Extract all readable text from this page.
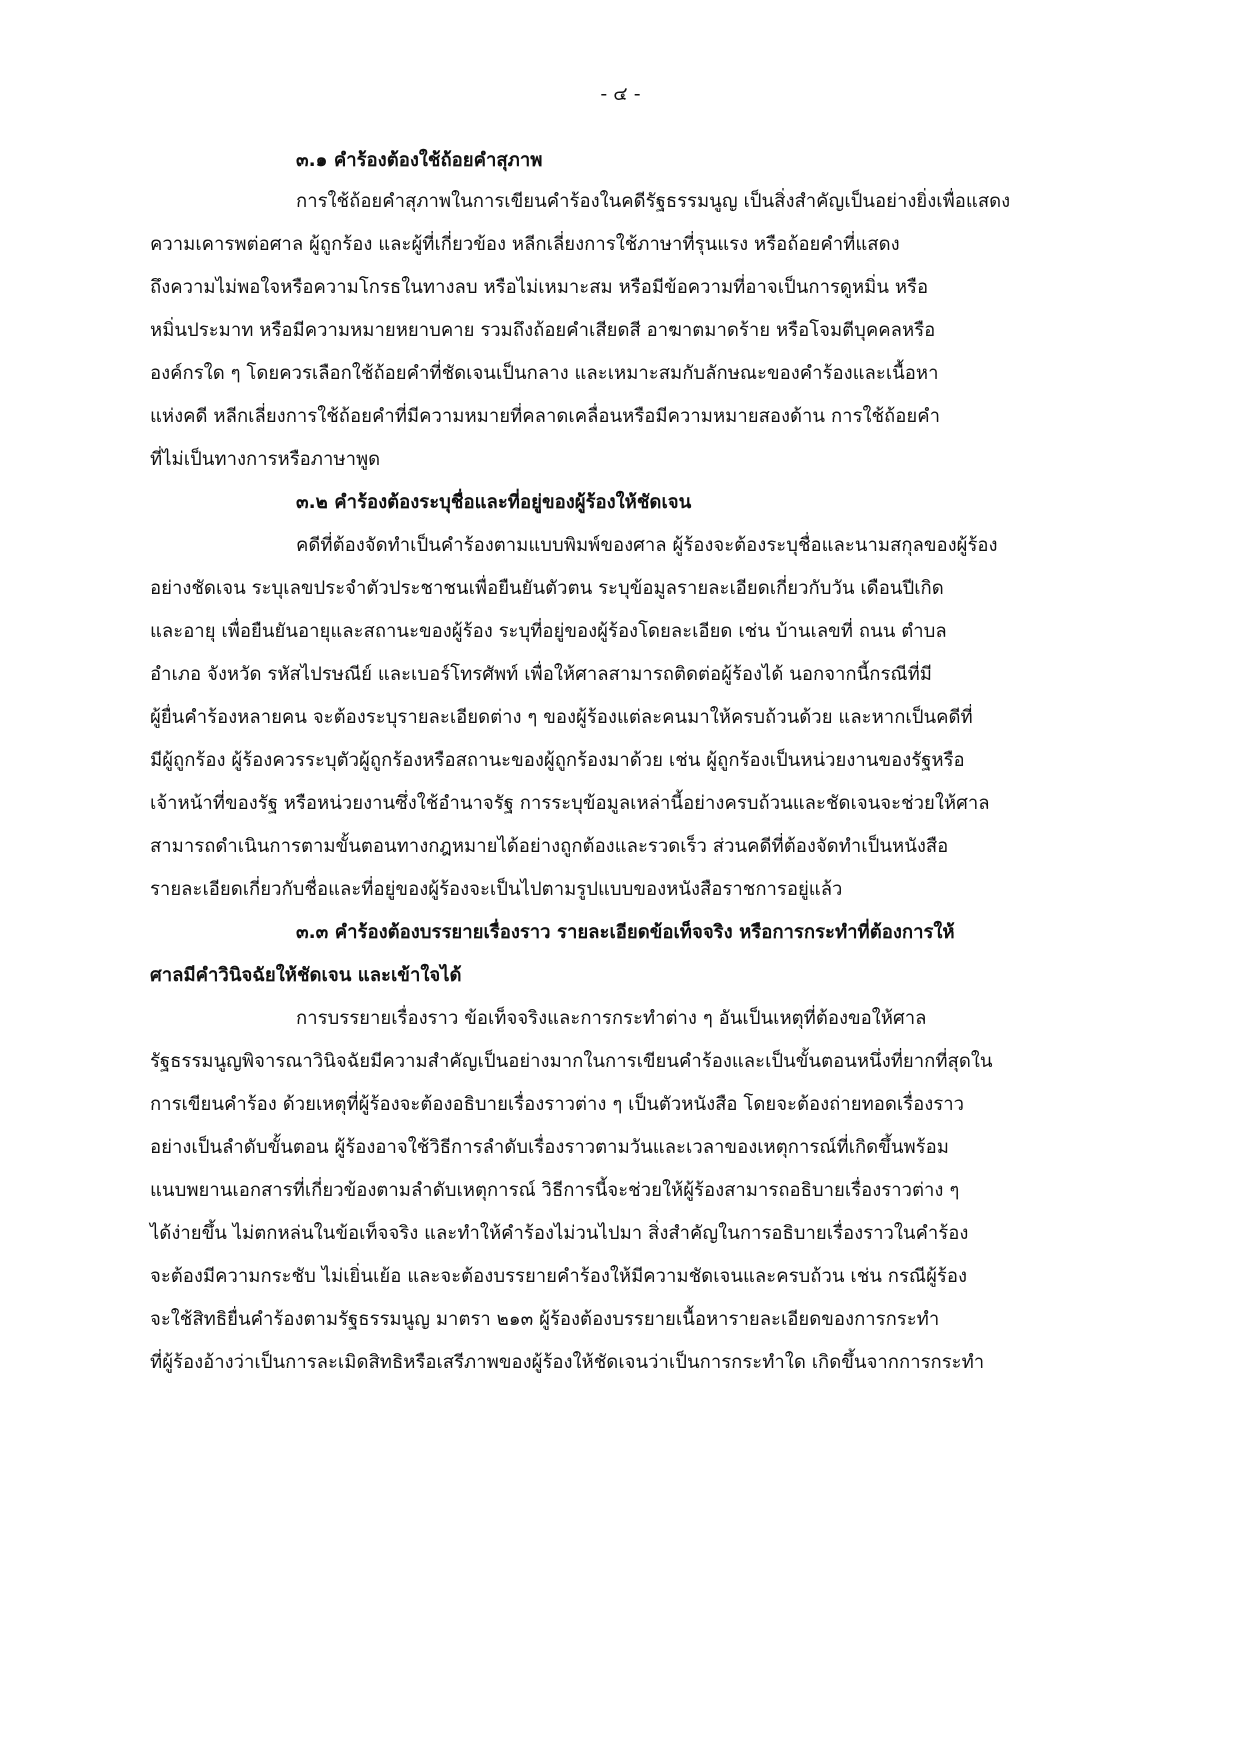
- ๔ -
๓.๑ คำร้องต้องใช้ถ้อยคำสุภาพ
การใช้ถ้อยคำสุภาพในการเขียนคำร้องในคดีรัฐธรรมนูญ เป็นสิ่งสำคัญเป็นอย่างยิ่งเพื่อแสดง
ความเคารพต่อศาล ผู้ถูกร้อง และผู้ที่เกี่ยวข้อง หลีกเลี่ยงการใช้ภาษาที่รุนแรง หรือถ้อยคำที่แสดง
ถึงความไม่พอใจหรือความโกรธในทางลบ หรือไม่เหมาะสม หรือมีข้อความที่อาจเป็นการดูหมิ่น หรือ
หมิ่นประมาท หรือมีความหมายหยาบคาย รวมถึงถ้อยคำเสียดสี อาฆาตมาดร้าย หรือโจมตีบุคคลหรือ
องค์กรใด ๆ โดยควรเลือกใช้ถ้อยคำที่ชัดเจนเป็นกลาง และเหมาะสมกับลักษณะของคำร้องและเนื้อหา
แห่งคดี หลีกเลี่ยงการใช้ถ้อยคำที่มีความหมายที่คลาดเคลื่อนหรือมีความหมายสองด้าน การใช้ถ้อยคำ
ที่ไม่เป็นทางการหรือภาษาพูด
๓.๒ คำร้องต้องระบุชื่อและที่อยู่ของผู้ร้องให้ชัดเจน
คดีที่ต้องจัดทำเป็นคำร้องตามแบบพิมพ์ของศาล ผู้ร้องจะต้องระบุชื่อและนามสกุลของผู้ร้อง
อย่างชัดเจน ระบุเลขประจำตัวประชาชนเพื่อยืนยันตัวตน ระบุข้อมูลรายละเอียดเกี่ยวกับวัน เดือนปีเกิด
และอายุ เพื่อยืนยันอายุและสถานะของผู้ร้อง ระบุที่อยู่ของผู้ร้องโดยละเอียด เช่น บ้านเลขที่ ถนน ตำบล
อำเภอ จังหวัด รหัสไปรษณีย์ และเบอร์โทรศัพท์ เพื่อให้ศาลสามารถติดต่อผู้ร้องได้ นอกจากนี้กรณีที่มี
ผู้ยื่นคำร้องหลายคน จะต้องระบุรายละเอียดต่าง ๆ ของผู้ร้องแต่ละคนมาให้ครบถ้วนด้วย และหากเป็นคดีที่
มีผู้ถูกร้อง ผู้ร้องควรระบุตัวผู้ถูกร้องหรือสถานะของผู้ถูกร้องมาด้วย เช่น ผู้ถูกร้องเป็นหน่วยงานของรัฐหรือ
เจ้าหน้าที่ของรัฐ หรือหน่วยงานซึ่งใช้อำนาจรัฐ การระบุข้อมูลเหล่านี้อย่างครบถ้วนและชัดเจนจะช่วยให้ศาล
สามารถดำเนินการตามขั้นตอนทางกฎหมายได้อย่างถูกต้องและรวดเร็ว ส่วนคดีที่ต้องจัดทำเป็นหนังสือ
รายละเอียดเกี่ยวกับชื่อและที่อยู่ของผู้ร้องจะเป็นไปตามรูปแบบของหนังสือราชการอยู่แล้ว
๓.๓ คำร้องต้องบรรยายเรื่องราว รายละเอียดข้อเท็จจริง หรือการกระทำที่ต้องการให้
ศาลมีคำวินิจฉัยให้ชัดเจน และเข้าใจได้
การบรรยายเรื่องราว ข้อเท็จจริงและการกระทำต่าง ๆ อันเป็นเหตุที่ต้องขอให้ศาล
รัฐธรรมนูญพิจารณาวินิจฉัยมีความสำคัญเป็นอย่างมากในการเขียนคำร้องและเป็นขั้นตอนหนึ่งที่ยากที่สุดใน
การเขียนคำร้อง ด้วยเหตุที่ผู้ร้องจะต้องอธิบายเรื่องราวต่าง ๆ เป็นตัวหนังสือ โดยจะต้องถ่ายทอดเรื่องราว
อย่างเป็นลำดับขั้นตอน ผู้ร้องอาจใช้วิธีการลำดับเรื่องราวตามวันและเวลาของเหตุการณ์ที่เกิดขึ้นพร้อม
แนบพยานเอกสารที่เกี่ยวข้องตามลำดับเหตุการณ์ วิธีการนี้จะช่วยให้ผู้ร้องสามารถอธิบายเรื่องราวต่าง ๆ
ได้ง่ายขึ้น ไม่ตกหล่นในข้อเท็จจริง และทำให้คำร้องไม่วนไปมา สิ่งสำคัญในการอธิบายเรื่องราวในคำร้อง
จะต้องมีความกระชับ ไม่เยิ่นเย้อ และจะต้องบรรยายคำร้องให้มีความชัดเจนและครบถ้วน เช่น กรณีผู้ร้อง
จะใช้สิทธิยื่นคำร้องตามรัฐธรรมนูญ มาตรา ๒๑๓ ผู้ร้องต้องบรรยายเนื้อหารายละเอียดของการกระทำ
ที่ผู้ร้องอ้างว่าเป็นการละเมิดสิทธิหรือเสรีภาพของผู้ร้องให้ชัดเจนว่าเป็นการกระทำใด เกิดขึ้นจากการกระทำ
